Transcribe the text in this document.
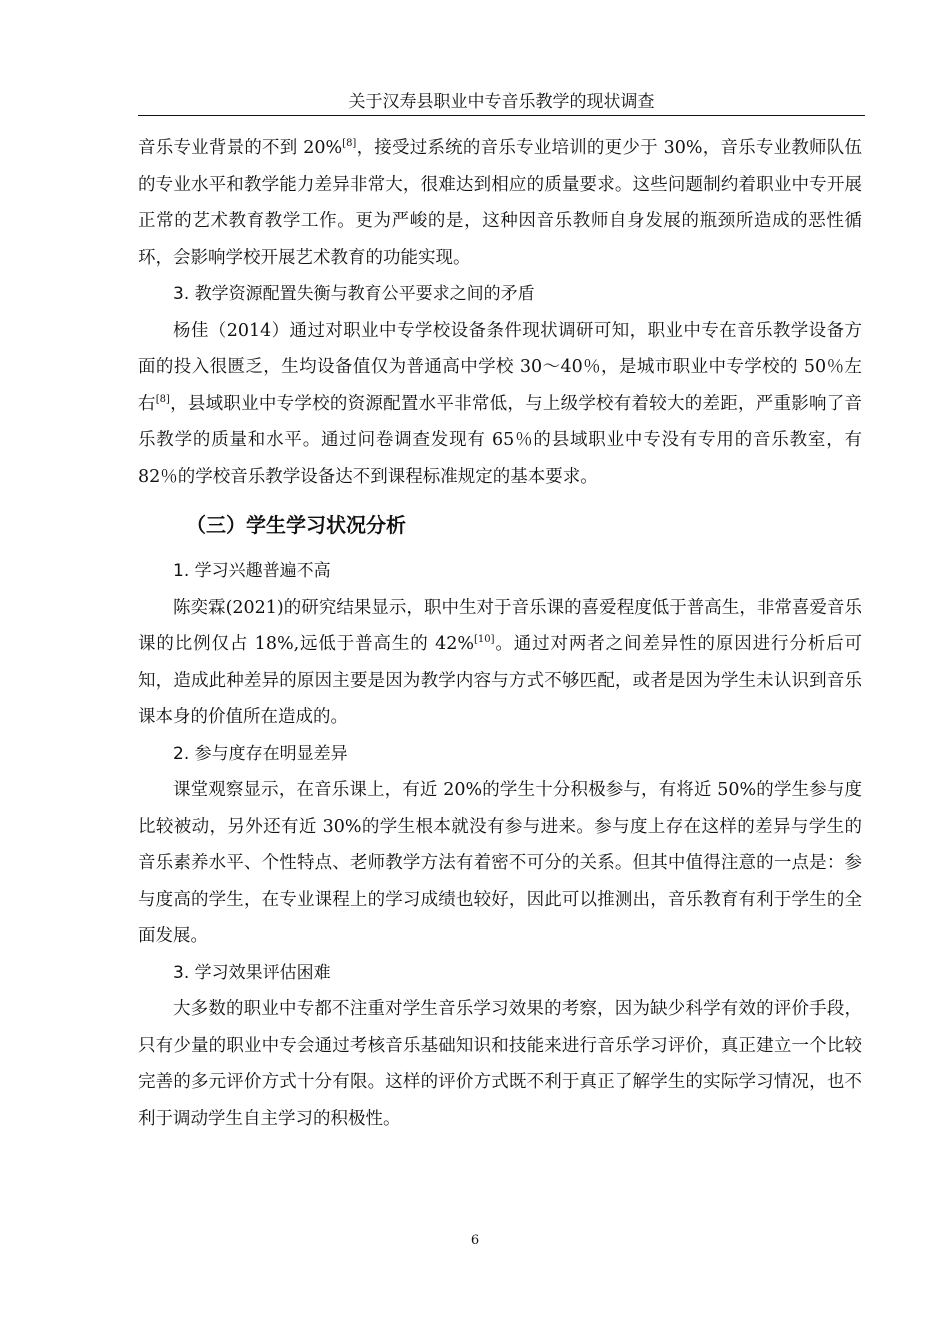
关于汉寿县职业中专音乐教学的现状调查

音乐专业背景的不到 20%[8]，接受过系统的音乐专业培训的更少于 30%，音乐专业教师队伍的专业水平和教学能力差异非常大，很难达到相应的质量要求。这些问题制约着职业中专开展正常的艺术教育教学工作。更为严峻的是，这种因音乐教师自身发展的瓶颈所造成的恶性循环，会影响学校开展艺术教育的功能实现。

3. 教学资源配置失衡与教育公平要求之间的矛盾

杨佳（2014）通过对职业中专学校设备条件现状调研可知，职业中专在音乐教学设备方面的投入很匮乏，生均设备值仅为普通高中学校 30～40％，是城市职业中专学校的 50％左右[8]，县域职业中专学校的资源配置水平非常低，与上级学校有着较大的差距，严重影响了音乐教学的质量和水平。通过问卷调查发现有 65％的县域职业中专没有专用的音乐教室，有 82％的学校音乐教学设备达不到课程标准规定的基本要求。

（三）学生学习状况分析

1. 学习兴趣普遍不高

陈奕霖(2021)的研究结果显示，职中生对于音乐课的喜爱程度低于普高生，非常喜爱音乐课的比例仅占 18%,远低于普高生的 42%[10]。通过对两者之间差异性的原因进行分析后可知，造成此种差异的原因主要是因为教学内容与方式不够匹配，或者是因为学生未认识到音乐课本身的价值所在造成的。

2. 参与度存在明显差异

课堂观察显示，在音乐课上，有近 20%的学生十分积极参与，有将近 50%的学生参与度比较被动，另外还有近 30%的学生根本就没有参与进来。参与度上存在这样的差异与学生的音乐素养水平、个性特点、老师教学方法有着密不可分的关系。但其中值得注意的一点是：参与度高的学生，在专业课程上的学习成绩也较好，因此可以推测出，音乐教育有利于学生的全面发展。

3. 学习效果评估困难

大多数的职业中专都不注重对学生音乐学习效果的考察，因为缺少科学有效的评价手段，只有少量的职业中专会通过考核音乐基础知识和技能来进行音乐学习评价，真正建立一个比较完善的多元评价方式十分有限。这样的评价方式既不利于真正了解学生的实际学习情况，也不利于调动学生自主学习的积极性。

6
